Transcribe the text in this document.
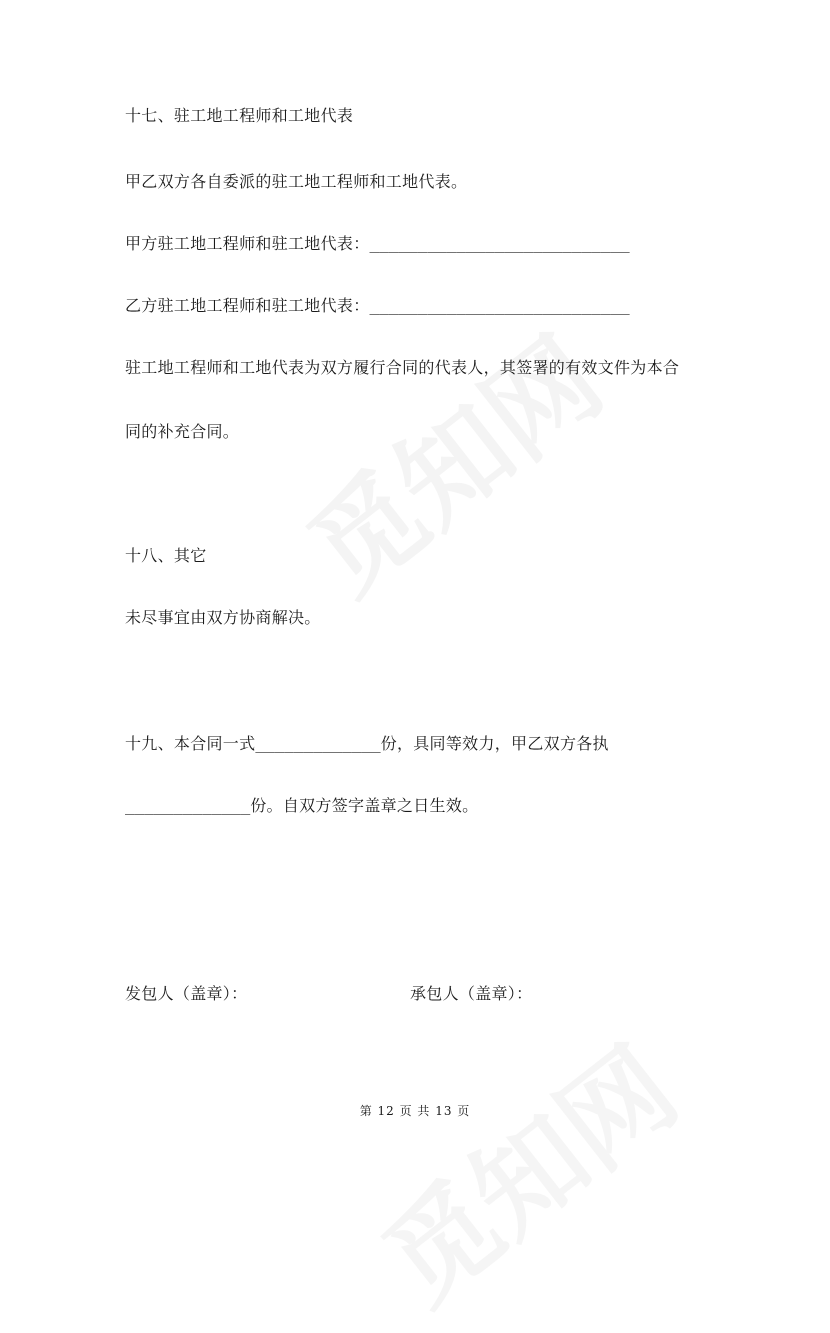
十七、驻工地工程师和工地代表
甲乙双方各自委派的驻工地工程师和工地代表。
甲方驻工地工程师和驻工地代表：___________________________
乙方驻工地工程师和驻工地代表：___________________________
驻工地工程师和工地代表为双方履行合同的代表人，其签署的有效文件为本合
同的补充合同。
十八、其它
未尽事宜由双方协商解决。
十九、本合同一式_____________份，具同等效力，甲乙双方各执
_____________份。自双方签字盖章之日生效。
发包人（盖章）：	承包人（盖章）：
第 12 页 共 13 页
